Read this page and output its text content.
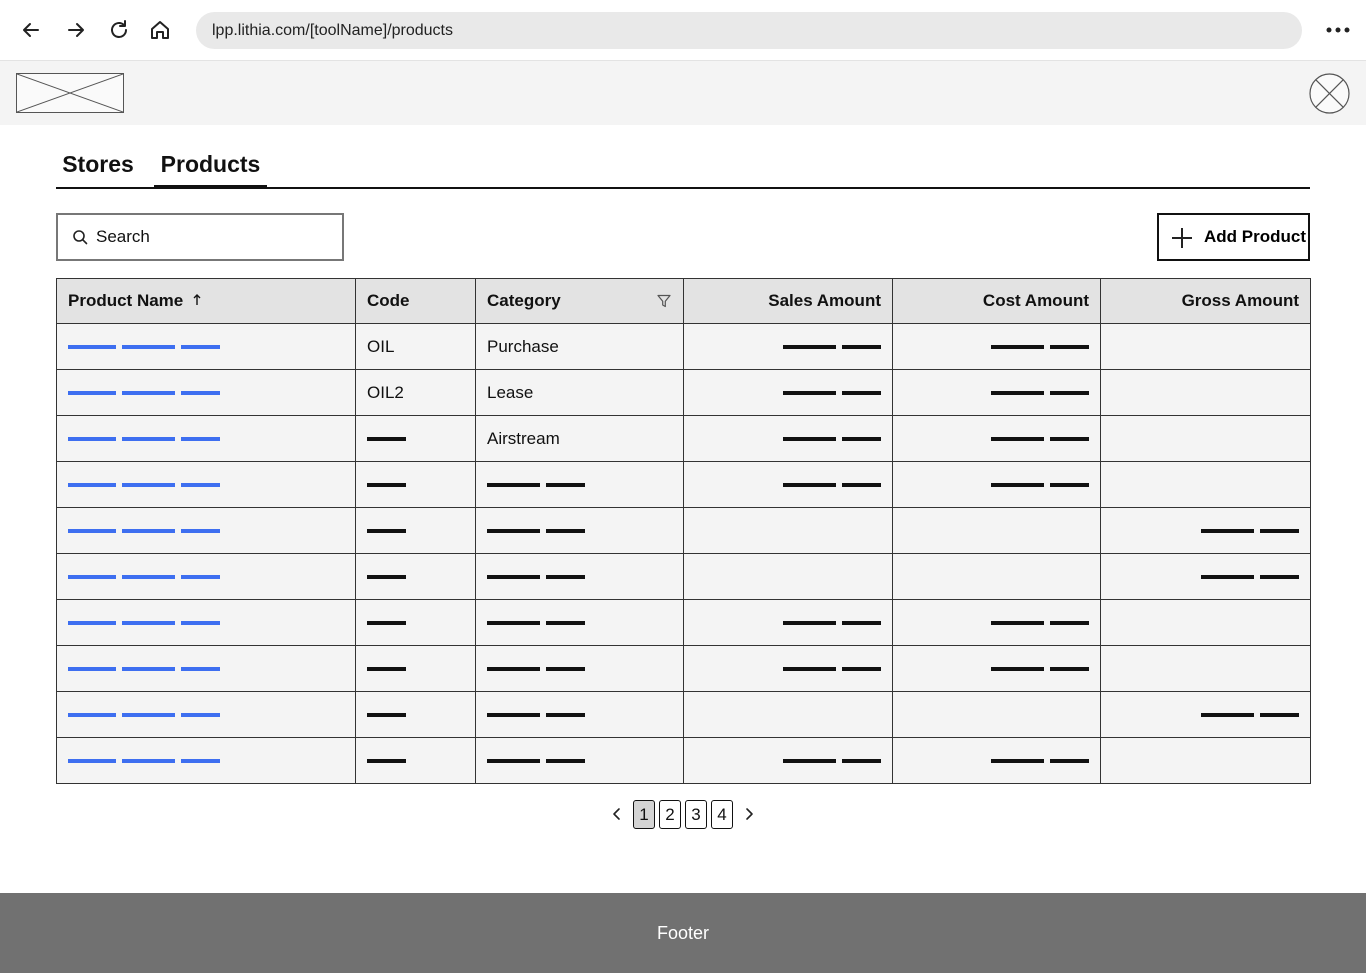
lpp.lithia.com/[toolName]/products
Stores Products
Search
Add Product
Product Name	Code	Category	Sales Amount	Cost Amount	Gross Amount
	OIL	Purchase			
	OIL2	Lease			
		Airstream			

1 2 3 4
Footer
